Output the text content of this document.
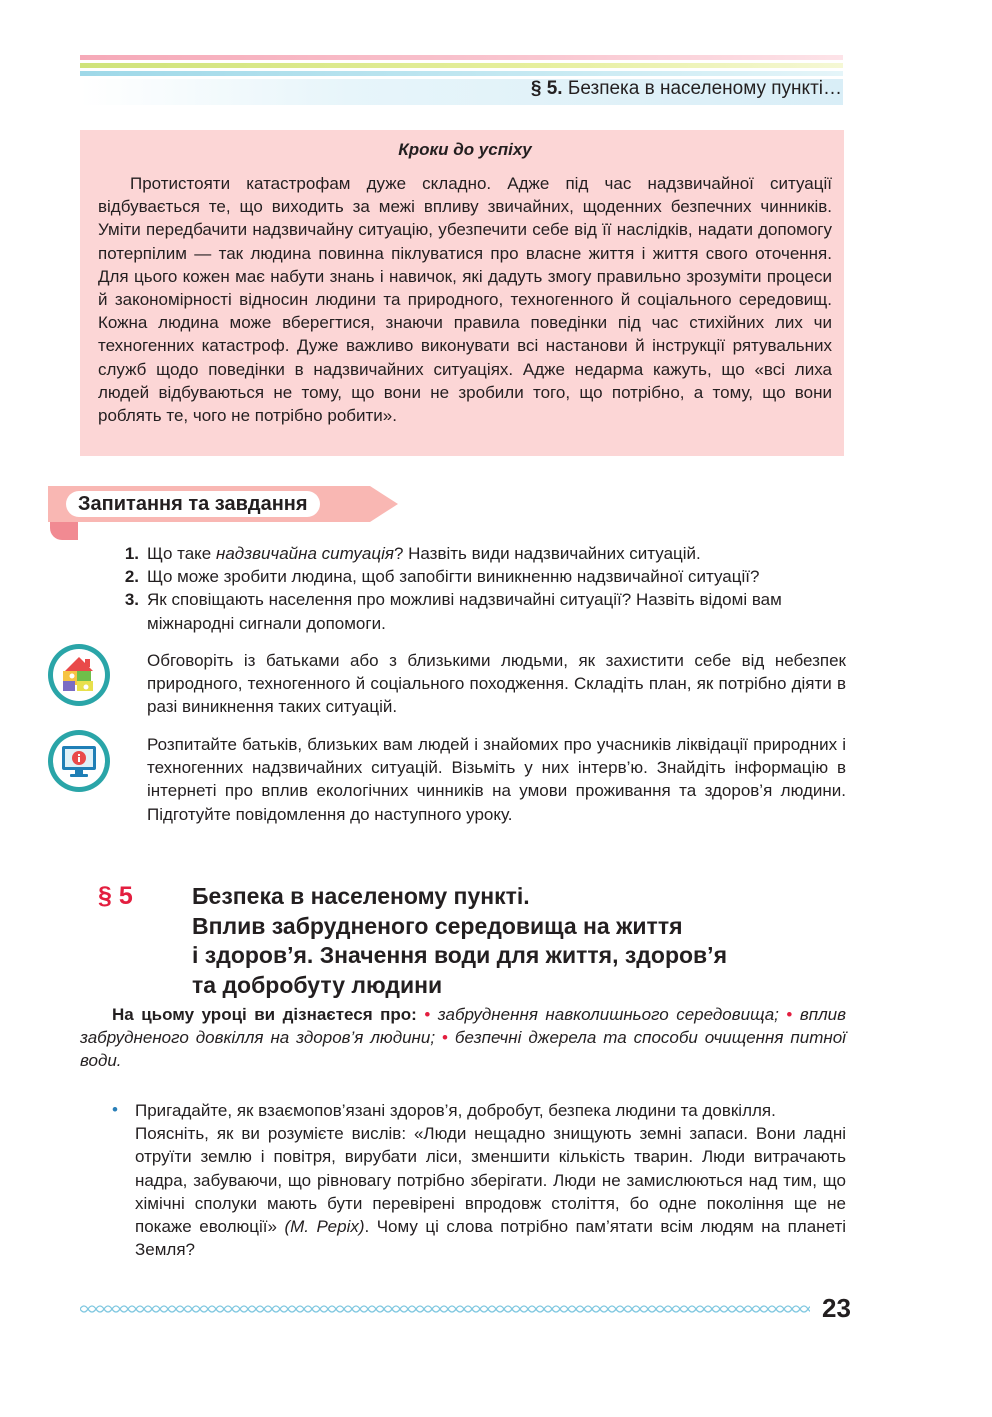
§ 5. Безпека в населеному пункті…
Кроки до успіху
Протистояти катастрофам дуже складно. Адже під час надзвичайної ситуації відбувається те, що виходить за межі впливу звичайних, щоденних безпечних чинників. Уміти передбачити надзвичайну ситуацію, убезпечити себе від її наслідків, надати допомогу потерпілим — так людина повинна піклуватися про власне життя і життя свого оточення. Для цього кожен має набути знань і навичок, які дадуть змогу правильно зрозуміти процеси й закономірності відносин людини та природного, техногенного й соціального середовищ. Кожна людина може вберегтися, знаючи правила поведінки під час стихійних лих чи техногенних катастроф. Дуже важливо виконувати всі настанови й інструкції рятувальних служб щодо поведінки в надзвичайних ситуаціях. Адже недарма кажуть, що «всі лиха людей відбуваються не тому, що вони не зробили того, що потрібно, а тому, що вони роблять те, чого не потрібно робити».
Запитання та завдання
1. Що таке надзвичайна ситуація? Назвіть види надзвичайних ситуацій.
2. Що може зробити людина, щоб запобігти виникненню надзвичайної ситуації?
3. Як сповіщають населення про можливі надзвичайні ситуації? Назвіть відомі вам міжнародні сигнали допомоги.
Обговоріть із батьками або з близькими людьми, як захистити себе від небезпек природного, техногенного й соціального походження. Складіть план, як потрібно діяти в разі виникнення таких ситуацій.
Розпитайте батьків, близьких вам людей і знайомих про учасників ліквідації природних і техногенних надзвичайних ситуацій. Візьміть у них інтерв’ю. Знайдіть інформацію в інтернеті про вплив екологічних чинників на умови проживання та здоров’я людини. Підготуйте повідомлення до наступного уроку.
§ 5	Безпека в населеному пункті.
Вплив забрудненого середовища на життя
і здоров’я. Значення води для життя, здоров’я
та добробуту людини
На цьому уроці ви дізнаєтеся про: • забруднення навколишнього середовища; • вплив забрудненого довкілля на здоров’я людини; • безпечні джерела та способи очищення питної води.
• Пригадайте, як взаємопов’язані здоров’я, добробут, безпека людини та довкілля.

Поясніть, як ви розумієте вислів: «Люди нещадно знищують земні запаси. Вони ладні отруїти землю і повітря, вирубати ліси, зменшити кількість тварин. Люди витрачають надра, забуваючи, що рівновагу потрібно зберігати. Люди не замислюються над тим, що хімічні сполуки мають бути перевірені впродовж століття, бо одне покоління ще не покаже еволюції» (М. Реріх). Чому ці слова потрібно пам’ятати всім людям на планеті Земля?

23
